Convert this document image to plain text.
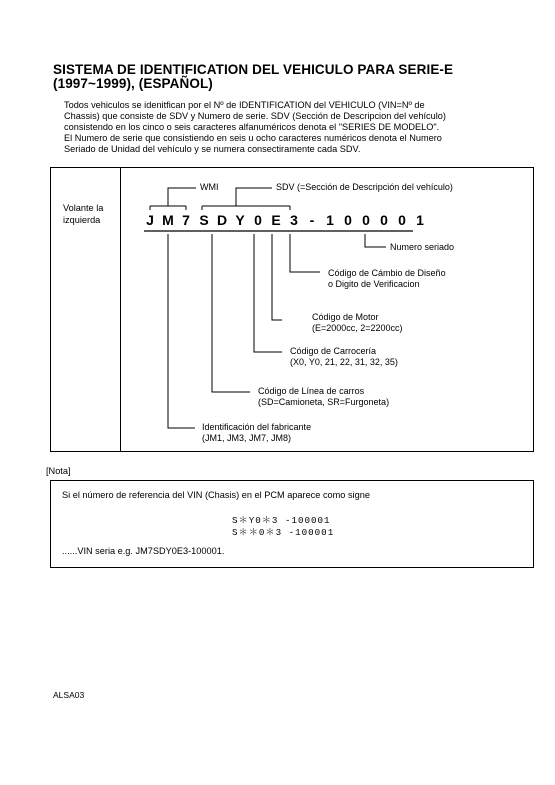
SISTEMA DE IDENTIFICATION DEL VEHICULO PARA SERIE-E
(1997~1999), (ESPAÑOL)

Todos vehiculos se idenitfican por el Nº de IDENTIFICATION del VEHICULO (VIN=Nº de

Chassis) que consiste de SDV y Numero de serie. SDV (Sección de Descripcion del vehículo)

consistendo en los cinco o seis caracteres alfanuméricos denota el "SERIES DE MODELO".

El Numero de serie que consistiendo en seis u ocho caracteres numéricos denota el Numero

Seriado de Unidad del vehículo y se numera consectiramente cada SDV.

Volante la
izquierda	J M 7 S D Y 0 E 3 - 1 0 0 0 0 1
WMI	SDV (=Sección de Descripción del vehículo)
Numero seriado
Código de Cámbio de Diseño
o Digito de Verificacion
Código de Motor
(E=2000cc, 2=2200cc)
Código de Carrocería
(X0, Y0, 21, 22, 31, 32, 35)
Código de Línea de carros
(SD=Camioneta, SR=Furgoneta)
Identificación del fabricante
(JM1, JM3, JM7, JM8)
[Nota]
Si el número de referencia del VIN (Chasis) en el PCM aparece como signe
S＊Y0＊3 -100001
S＊＊0＊3 -100001
......VIN seria e.g. JM7SDY0E3-100001.
ALSA03
